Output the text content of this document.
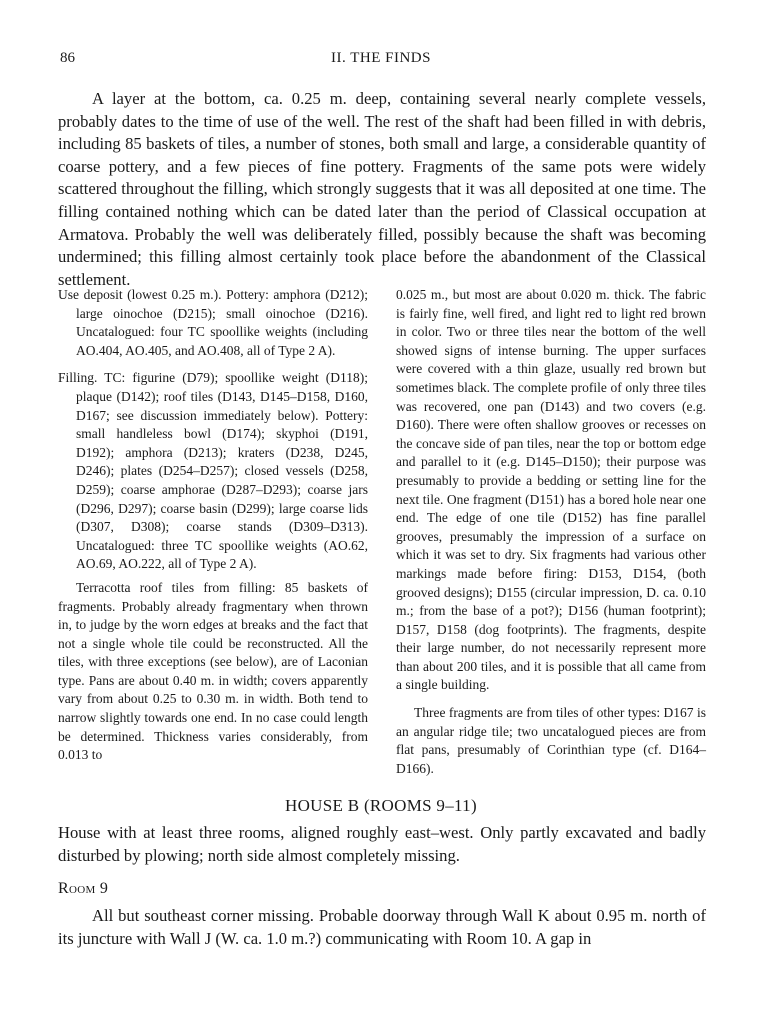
86	II. THE FINDS

A layer at the bottom, ca. 0.25 m. deep, containing several nearly complete vessels, probably dates to the time of use of the well. The rest of the shaft had been filled in with debris, including 85 baskets of tiles, a number of stones, both small and large, a considerable quantity of coarse pottery, and a few pieces of fine pottery. Fragments of the same pots were widely scattered throughout the filling, which strongly suggests that it was all deposited at one time. The filling contained nothing which can be dated later than the period of Classical occupation at Armatova. Probably the well was deliberately filled, possibly because the shaft was becoming undermined; this filling almost certainly took place before the abandonment of the Classical settlement.

Use deposit (lowest 0.25 m.). Pottery: amphora (D212); large oinochoe (D215); small oinochoe (D216). Uncatalogued: four TC spoollike weights (including AO.404, AO.405, and AO.408, all of Type 2 A).

Filling. TC: figurine (D79); spoollike weight (D118); plaque (D142); roof tiles (D143, D145–D158, D160, D167; see discussion immediately below). Pottery: small handleless bowl (D174); skyphoi (D191, D192); amphora (D213); kraters (D238, D245, D246); plates (D254–D257); closed vessels (D258, D259); coarse amphorae (D287–D293); coarse jars (D296, D297); coarse basin (D299); large coarse lids (D307, D308); coarse stands (D309–D313). Uncatalogued: three TC spoollike weights (AO.62, AO.69, AO.222, all of Type 2 A).

Terracotta roof tiles from filling: 85 baskets of fragments. Probably already fragmentary when thrown in, to judge by the worn edges at breaks and the fact that not a single whole tile could be reconstructed. All the tiles, with three exceptions (see below), are of Laconian type. Pans are about 0.40 m. in width; covers apparently vary from about 0.25 to 0.30 m. in width. Both tend to narrow slightly towards one end. In no case could length be determined. Thickness varies considerably, from 0.013 to

0.025 m., but most are about 0.020 m. thick. The fabric is fairly fine, well fired, and light red to light red brown in color. Two or three tiles near the bottom of the well showed signs of intense burning. The upper surfaces were covered with a thin glaze, usually red brown but sometimes black. The complete profile of only three tiles was recovered, one pan (D143) and two covers (e.g. D160). There were often shallow grooves or recesses on the concave side of pan tiles, near the top or bottom edge and parallel to it (e.g. D145–D150); their purpose was presumably to provide a bedding or setting line for the next tile. One fragment (D151) has a bored hole near one end. The edge of one tile (D152) has fine parallel grooves, presumably the impression of a surface on which it was set to dry. Six fragments had various other markings made before firing: D153, D154, (both grooved designs); D155 (circular impression, D. ca. 0.10 m.; from the base of a pot?); D156 (human footprint); D157, D158 (dog footprints). The fragments, despite their large number, do not necessarily represent more than about 200 tiles, and it is possible that all came from a single building.

Three fragments are from tiles of other types: D167 is an angular ridge tile; two uncatalogued pieces are from flat pans, presumably of Corinthian type (cf. D164–D166).

HOUSE B (ROOMS 9–11)

House with at least three rooms, aligned roughly east–west. Only partly excavated and badly disturbed by plowing; north side almost completely missing.

Room 9

All but southeast corner missing. Probable doorway through Wall K about 0.95 m. north of its juncture with Wall J (W. ca. 1.0 m.?) communicating with Room 10. A gap in
